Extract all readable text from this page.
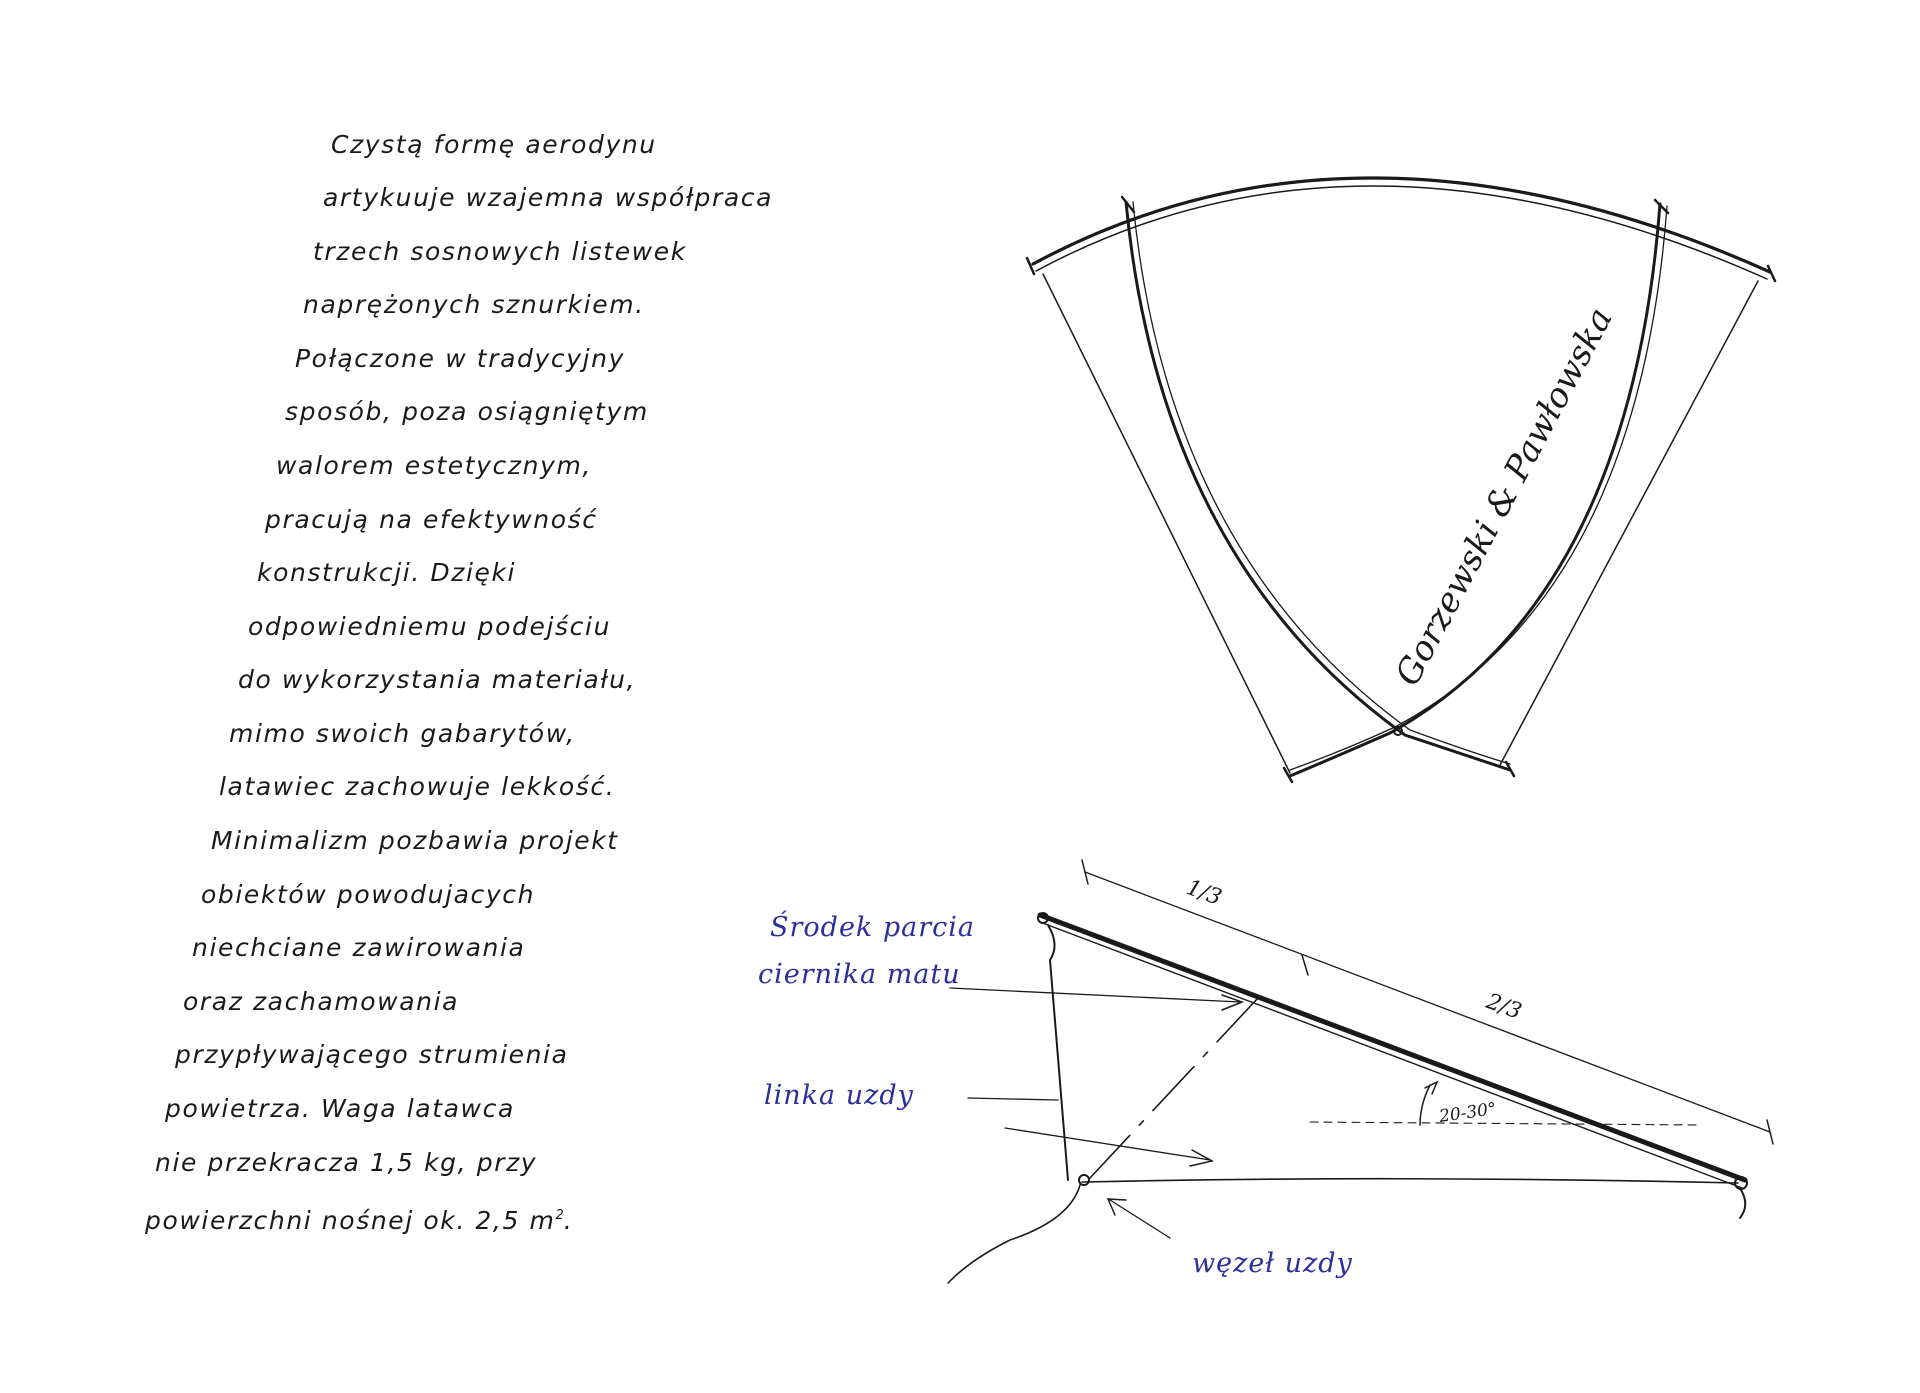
Czystą formę aerodynu
artykuuje wzajemna współpraca
trzech sosnowych listewek
naprężonych sznurkiem.
Połączone w tradycyjny
sposób, poza osiągniętym
walorem estetycznym,
pracują na efektywność
konstrukcji. Dzięki
odpowiedniemu podejściu
do wykorzystania materiału,
mimo swoich gabarytów,
latawiec zachowuje lekkość.
Minimalizm pozbawia projekt
obiektów powodujacych
niechciane zawirowania
oraz zachamowania
przypływającego strumienia
powietrza. Waga latawca
nie przekracza 1,5 kg, przy
powierzchni nośnej ok. 2,5 $m^2$.
Gorzewski & Pawłowska
1/3
2/3
20-30°
Środek parcia
ciernika matu
linka uzdy
węzeł uzdy
